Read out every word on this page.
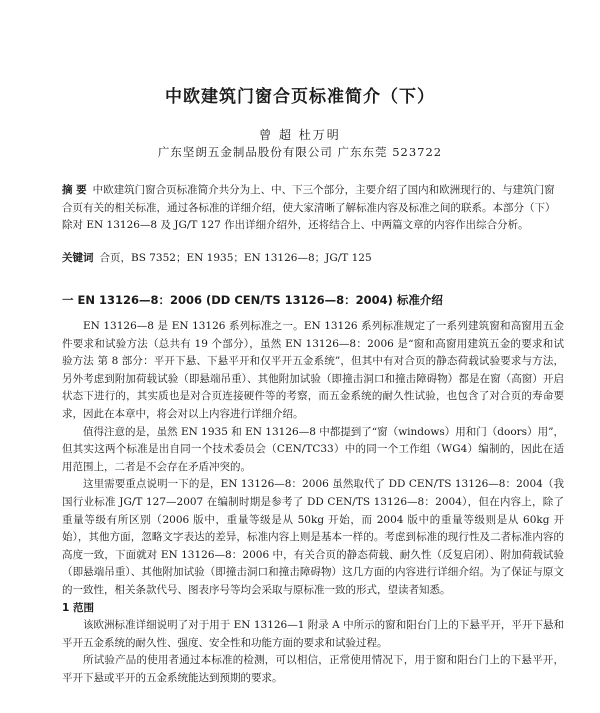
中欧建筑门窗合页标准简介（下）
曾 超 杜万明
广东坚朗五金制品股份有限公司 广东东莞 523722
摘 要 中欧建筑门窗合页标准简介共分为上、中、下三个部分，主要介绍了国内和欧洲现行的、与建筑门窗合页有关的相关标准，通过各标准的详细介绍，使大家清晰了解标准内容及标准之间的联系。本部分（下）除对 EN 13126—8 及 JG/T 127 作出详细介绍外，还将结合上、中两篇文章的内容作出综合分析。
关键词 合页，BS 7352；EN 1935；EN 13126—8；JG/T 125
一 EN 13126—8：2006 (DD CEN/TS 13126—8：2004) 标准介绍

EN 13126—8 是 EN 13126 系列标准之一。EN 13126 系列标准规定了一系列建筑窗和高窗用五金件要求和试验方法（总共有 19 个部分），虽然 EN 13126—8：2006 是“窗和高窗用建筑五金的要求和试验方法 第 8 部分：平开下悬、下悬平开和仅平开五金系统”，但其中有对合页的静态荷载试验要求与方法，另外考虑到附加荷载试验（即悬端吊重）、其他附加试验（即撞击洞口和撞击障碍物）都是在窗（高窗）开启状态下进行的，其实质也是对合页连接硬件等的考察，而五金系统的耐久性试验，也包含了对合页的寿命要求，因此在本章中，将会对以上内容进行详细介绍。

值得注意的是，虽然 EN 1935 和 EN 13126—8 中都提到了“窗（windows）用和门（doors）用”，但其实这两个标准是出自同一个技术委员会（CEN/TC33）中的同一个工作组（WG4）编制的，因此在适用范围上，二者是不会存在矛盾冲突的。

这里需要重点说明一下的是，EN 13126—8：2006 虽然取代了 DD CEN/TS 13126—8：2004（我国行业标准 JG/T 127—2007 在编制时期是参考了 DD CEN/TS 13126—8：2004），但在内容上，除了重量等级有所区别（2006 版中，重量等级是从 50kg 开始，而 2004 版中的重量等级则是从 60kg 开始），其他方面，忽略文字表达的差异，标准内容上则是基本一样的。考虑到标准的现行性及二者标准内容的高度一致，下面就对 EN 13126—8：2006 中，有关合页的静态荷载、耐久性（反复启闭）、附加荷载试验（即悬端吊重）、其他附加试验（即撞击洞口和撞击障碍物）这几方面的内容进行详细介绍。为了保证与原文的一致性，相关条款代号、图表序号等均会采取与原标准一致的形式，望读者知悉。

1 范围

该欧洲标准详细说明了对于用于 EN 13126—1 附录 A 中所示的窗和阳台门上的下悬平开，平开下悬和平开五金系统的耐久性、强度、安全性和功能方面的要求和试验过程。

所试验产品的使用者通过本标准的检测，可以相信，正常使用情况下，用于窗和阳台门上的下悬平开，平开下悬或平开的五金系统能达到预期的要求。
